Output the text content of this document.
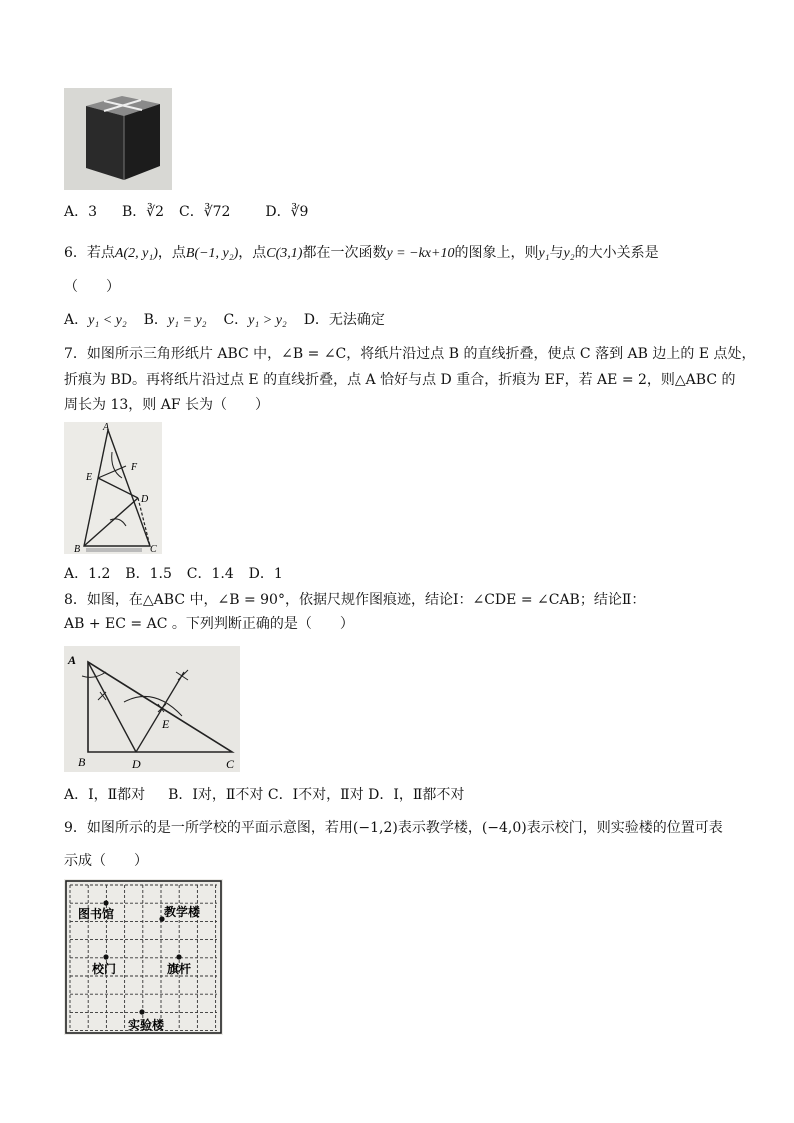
A．3 B．∛2 C．∛72 D．∛9
6．若点A(2, y₁)，点B(−1, y₂)，点C(3,1)都在一次函数y = −kx+10的图象上，则y₁与y₂的大小关系是
（　　）
A．y₁ < y₂ B．y₁ = y₂ C．y₁ > y₂ D．无法确定
7．如图所示三角形纸片 ABC 中，∠B = ∠C，将纸片沿过点 B 的直线折叠，使点 C 落到 AB 边上的 E 点处，
折痕为 BD。再将纸片沿过点 E 的直线折叠，点 A 恰好与点 D 重合，折痕为 EF，若 AE = 2，则△ABC 的
周长为 13，则 AF 长为（　　）
A
E
F
D
B	C
A．1.2 B．1.5 C．1.4 D．1
8．如图，在△ABC 中，∠B = 90°，依据尺规作图痕迹，结论Ⅰ：∠CDE = ∠CAB；结论Ⅱ：
AB + EC = AC 。下列判断正确的是（　　）
A
B	D
E
C
A．Ⅰ，Ⅱ都对 B．Ⅰ对，Ⅱ不对 C．Ⅰ不对，Ⅱ对 D．Ⅰ，Ⅱ都不对
9．如图所示的是一所学校的平面示意图，若用(−1,2)表示教学楼，(−4,0)表示校门，则实验楼的位置可表
示成（　　）
图书馆	教学楼
校门	旗杆
实验楼
